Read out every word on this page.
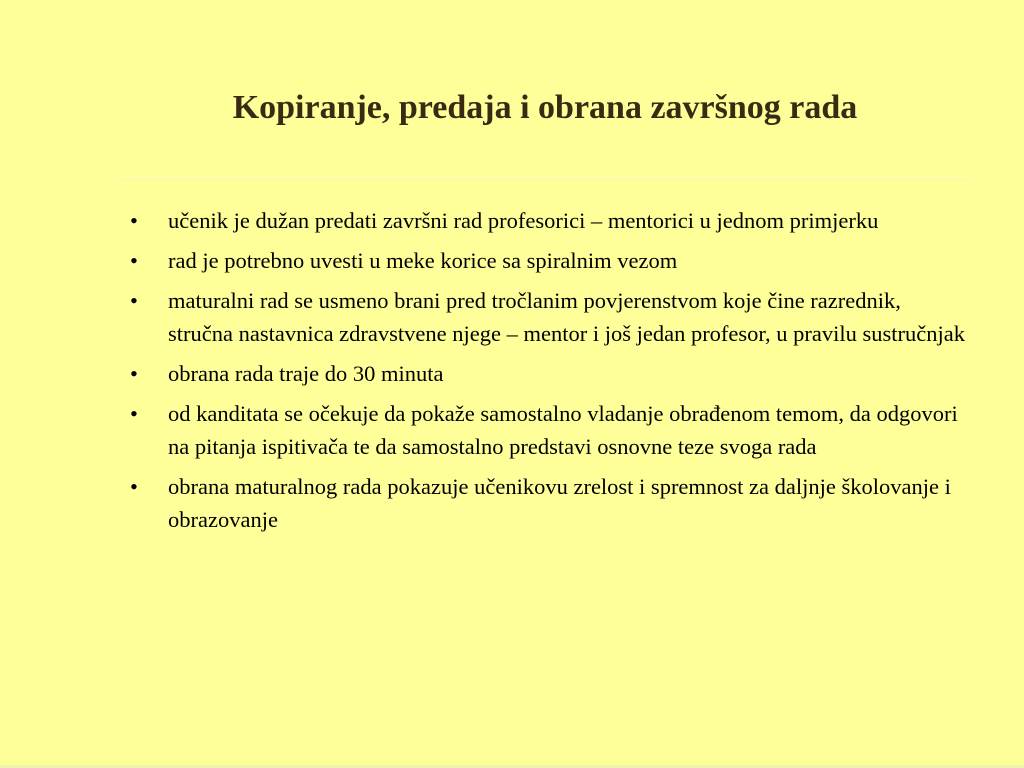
Kopiranje, predaja i obrana završnog rada
•	učenik je dužan predati završni rad profesorici – mentorici u jednom primjerku
•	rad je potrebno uvesti u meke korice sa spiralnim vezom
•	maturalni rad se usmeno brani pred tročlanim povjerenstvom koje čine razrednik, stručna nastavnica zdravstvene njege – mentor i još jedan profesor, u pravilu sustručnjak
•	obrana rada traje do 30 minuta
•	od kanditata se očekuje da pokaže samostalno vladanje obrađenom temom, da odgovori na pitanja ispitivača te da samostalno predstavi osnovne teze svoga rada
•	obrana maturalnog rada pokazuje učenikovu zrelost i spremnost za daljnje školovanje i obrazovanje
